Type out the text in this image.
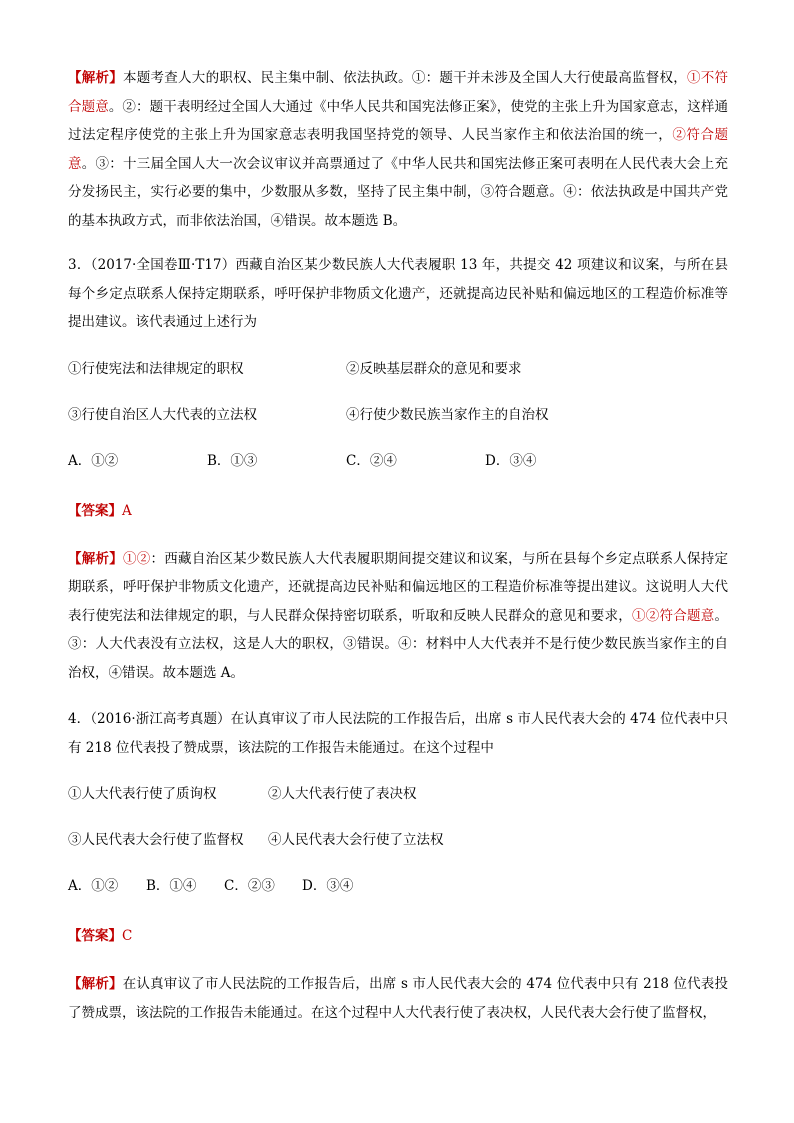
【解析】本题考查人大的职权、民主集中制、依法执政。①：题干并未涉及全国人大行使最高监督权，①不符合题意。②：题干表明经过全国人大通过《中华人民共和国宪法修正案》，使党的主张上升为国家意志，这样通过法定程序使党的主张上升为国家意志表明我国坚持党的领导、人民当家作主和依法治国的统一，②符合题意。③：十三届全国人大一次会议审议并高票通过了《中华人民共和国宪法修正案可表明在人民代表大会上充分发扬民主，实行必要的集中，少数服从多数，坚持了民主集中制，③符合题意。④：依法执政是中国共产党的基本执政方式，而非依法治国，④错误。故本题选 B。

3．（2017·全国卷Ⅲ·T17）西藏自治区某少数民族人大代表履职 13 年，共提交 42 项建议和议案，与所在县每个乡定点联系人保持定期联系，呼吁保护非物质文化遗产，还就提高边民补贴和偏远地区的工程造价标准等提出建议。该代表通过上述行为

①行使宪法和法律规定的职权	②反映基层群众的意见和要求
③行使自治区人大代表的立法权	④行使少数民族当家作主的自治权
A．①②	B．①③	C．②④	D．③④
【答案】A

【解析】①②：西藏自治区某少数民族人大代表履职期间提交建议和议案，与所在县每个乡定点联系人保持定期联系，呼吁保护非物质文化遗产，还就提高边民补贴和偏远地区的工程造价标准等提出建议。这说明人大代表行使宪法和法律规定的职，与人民群众保持密切联系，听取和反映人民群众的意见和要求，①②符合题意。③：人大代表没有立法权，这是人大的职权，③错误。④：材料中人大代表并不是行使少数民族当家作主的自治权，④错误。故本题选 A。

4．（2016·浙江高考真题）在认真审议了市人民法院的工作报告后，出席 s 市人民代表大会的 474 位代表中只有 218 位代表投了赞成票，该法院的工作报告未能通过。在这个过程中

①人大代表行使了质询权	②人大代表行使了表决权
③人民代表大会行使了监督权	④人民代表大会行使了立法权
A．①②	B．①④	C．②③	D．③④
【答案】C

【解析】在认真审议了市人民法院的工作报告后，出席 s 市人民代表大会的 474 位代表中只有 218 位代表投了赞成票，该法院的工作报告未能通过。在这个过程中人大代表行使了表决权，人民代表大会行使了监督权，
